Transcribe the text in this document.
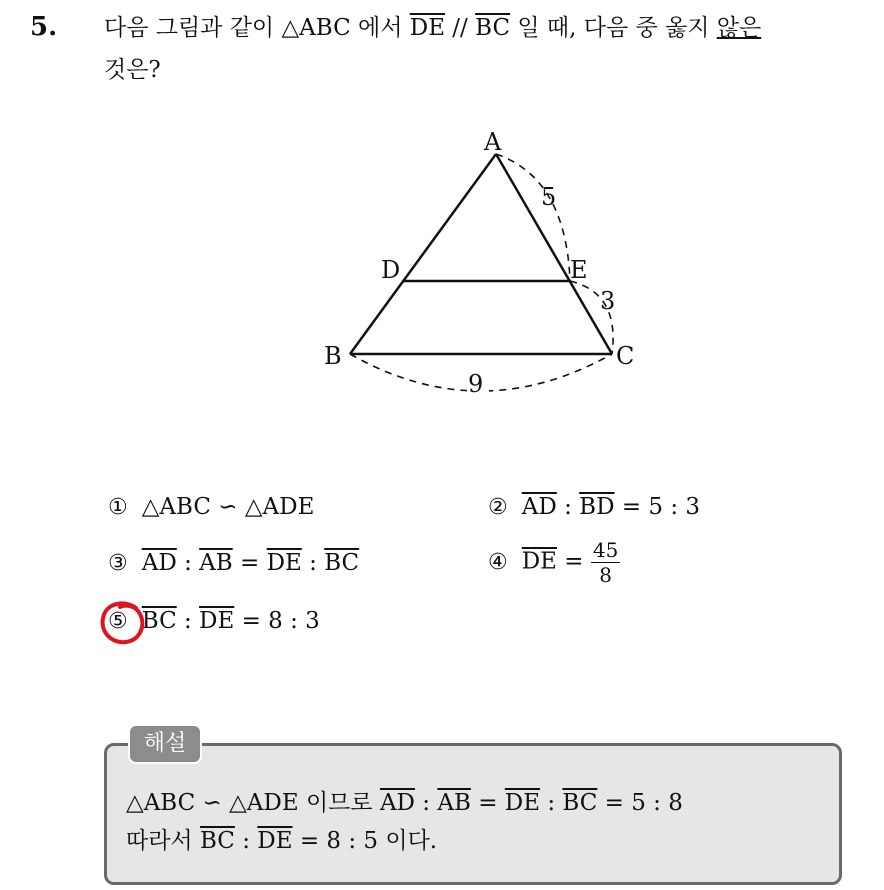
5. 다음 그림과 같이 △ABC 에서 $\overline{DE} // \overline{BC}$ 일 때, 다음 중 옳지 않은
것은?
A
B	C
D	E
5
3
9
① △ABC ∽ △ADE	② $\overline{AD}$ : $\overline{BD} = 5$ : 3
③ $\overline{AD}$ : $\overline{AB} = \overline{DE}$ : $\overline{BC}$	④ $\overline{DE} = \frac{45}{8}$
⑤ $\overline{BC}$ : $\overline{DE} = 8$ : 3
해설
△ABC ∽ △ADE 이므로 $\overline{AD}$ : $\overline{AB} = \overline{DE}$ : $\overline{BC} = 5$ : 8
따라서 $\overline{BC}$ : $\overline{DE} = 8$ : 5 이다.
